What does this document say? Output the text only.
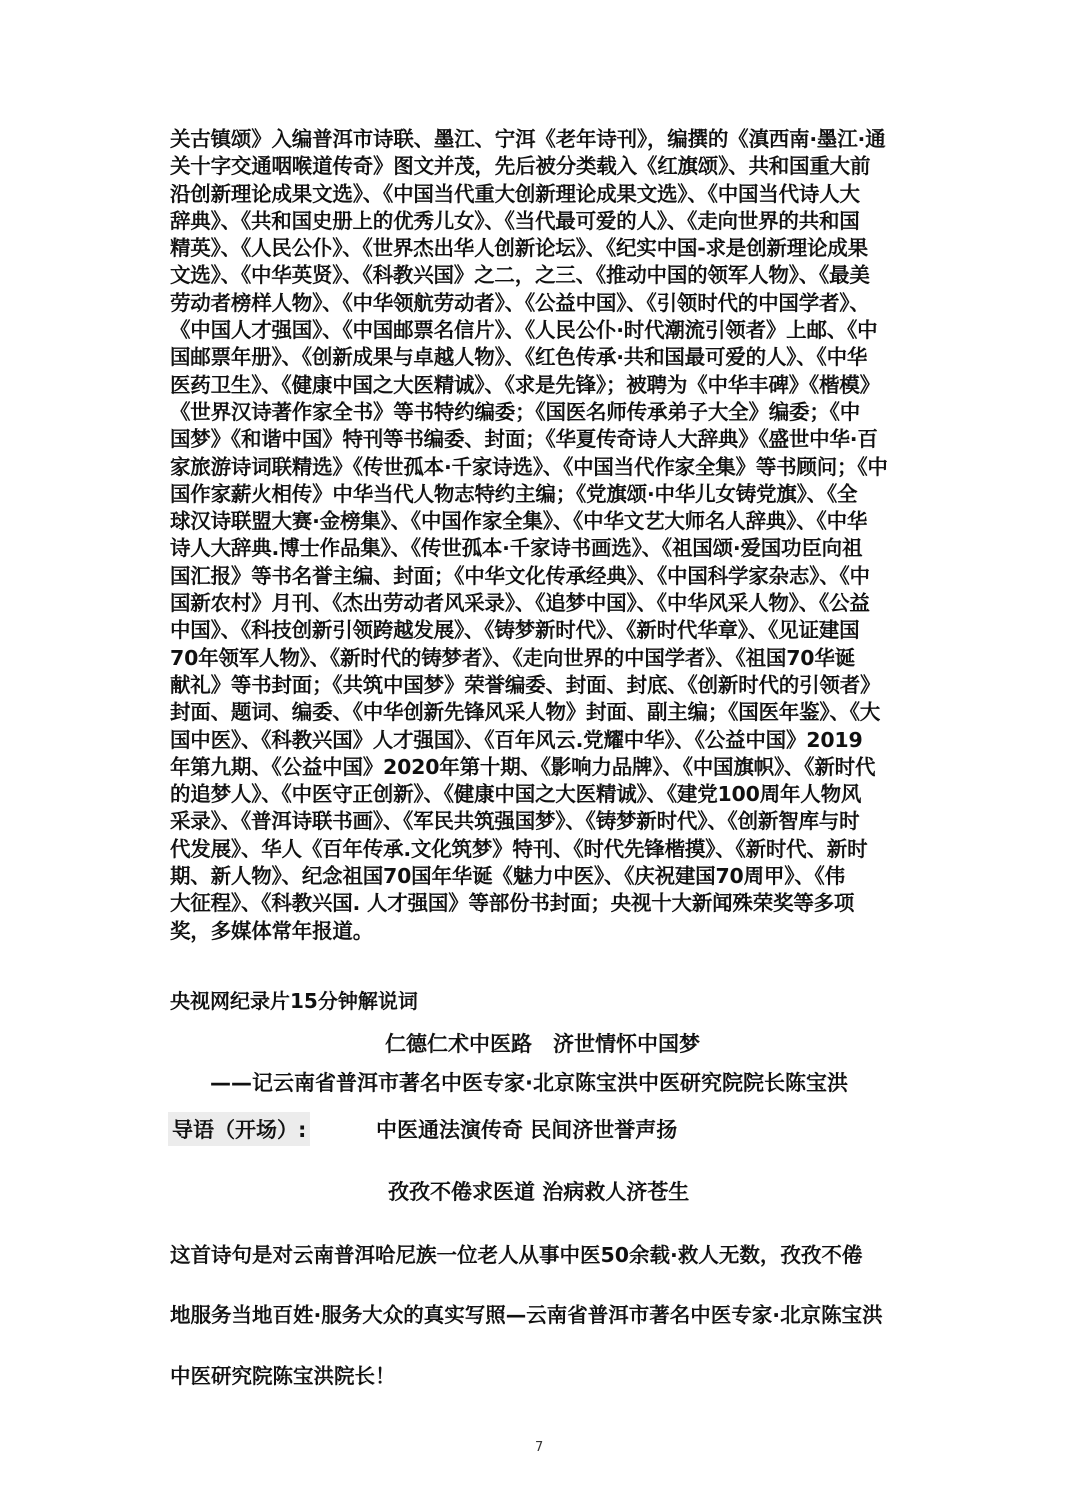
关古镇颂》入编普洱市诗联、墨江、宁洱《老年诗刊》，编撰的《滇西南·墨江·通
关十字交通咽喉道传奇》图文并茂，先后被分类载入《红旗颂》、共和国重大前
沿创新理论成果文选》、《中国当代重大创新理论成果文选》、《中国当代诗人大
辞典》、《共和国史册上的优秀儿女》、《当代最可爱的人》、《走向世界的共和国
精英》、《人民公仆》、《世界杰出华人创新论坛》、《纪实中国-求是创新理论成果
文选》、《中华英贤》、《科教兴国》之二，之三、《推动中国的领军人物》、《最美
劳动者榜样人物》、《中华领航劳动者》、《公益中国》、《引领时代的中国学者》、
《中国人才强国》、《中国邮票名信片》、《人民公仆·时代潮流引领者》上邮、《中
国邮票年册》、《创新成果与卓越人物》、《红色传承·共和国最可爱的人》、《中华
医药卫生》、《健康中国之大医精诚》、《求是先锋》；被聘为《中华丰碑》《楷模》
《世界汉诗著作家全书》等书特约编委；《国医名师传承弟子大全》编委；《中
国梦》《和谐中国》特刊等书编委、封面；《华夏传奇诗人大辞典》《盛世中华·百
家旅游诗词联精选》《传世孤本·千家诗选》、《中国当代作家全集》等书顾问；《中
国作家薪火相传》中华当代人物志特约主编；《党旗颂·中华儿女铸党旗》、《全
球汉诗联盟大赛·金榜集》、《中国作家全集》、《中华文艺大师名人辞典》、《中华
诗人大辞典.博士作品集》、《传世孤本·千家诗书画选》、《祖国颂·爱国功臣向祖
国汇报》等书名誉主编、封面；《中华文化传承经典》、《中国科学家杂志》、《中
国新农村》月刊、《杰出劳动者风采录》、《追梦中国》、《中华风采人物》、《公益
中国》、《科技创新引领跨越发展》、《铸梦新时代》、《新时代华章》、《见证建国
70年领军人物》、《新时代的铸梦者》、《走向世界的中国学者》、《祖国70华诞
献礼》等书封面；《共筑中国梦》荣誉编委、封面、封底、《创新时代的引领者》
封面、题词、编委、《中华创新先锋风采人物》封面、副主编；《国医年鉴》、《大
国中医》、《科教兴国》人才强国》、《百年风云.党耀中华》、《公益中国》2019
年第九期、《公益中国》2020年第十期、《影响力品牌》、《中国旗帜》、《新时代
的追梦人》、《中医守正创新》、《健康中国之大医精诚》、《建党100周年人物风
采录》、《普洱诗联书画》、《军民共筑强国梦》、《铸梦新时代》、《创新智库与时
代发展》、华人《百年传承.文化筑梦》特刊、《时代先锋楷摸》、《新时代、新时
期、新人物》、纪念祖国70国年华诞《魅力中医》、《庆祝建国70周甲》、《伟
大征程》、《科教兴国. 人才强国》等部份书封面；央视十大新闻殊荣奖等多项
奖，多媒体常年报道。
央视网纪录片15分钟解说词
仁德仁术中医路　济世情怀中国梦
——记云南省普洱市著名中医专家·北京陈宝洪中医研究院院长陈宝洪
导语（开场）:	中医通法演传奇 民间济世誉声扬
孜孜不倦求医道 治病救人济苍生
这首诗句是对云南普洱哈尼族一位老人从事中医50余载·救人无数，孜孜不倦
地服务当地百姓·服务大众的真实写照—云南省普洱市著名中医专家·北京陈宝洪
中医研究院陈宝洪院长！
7
